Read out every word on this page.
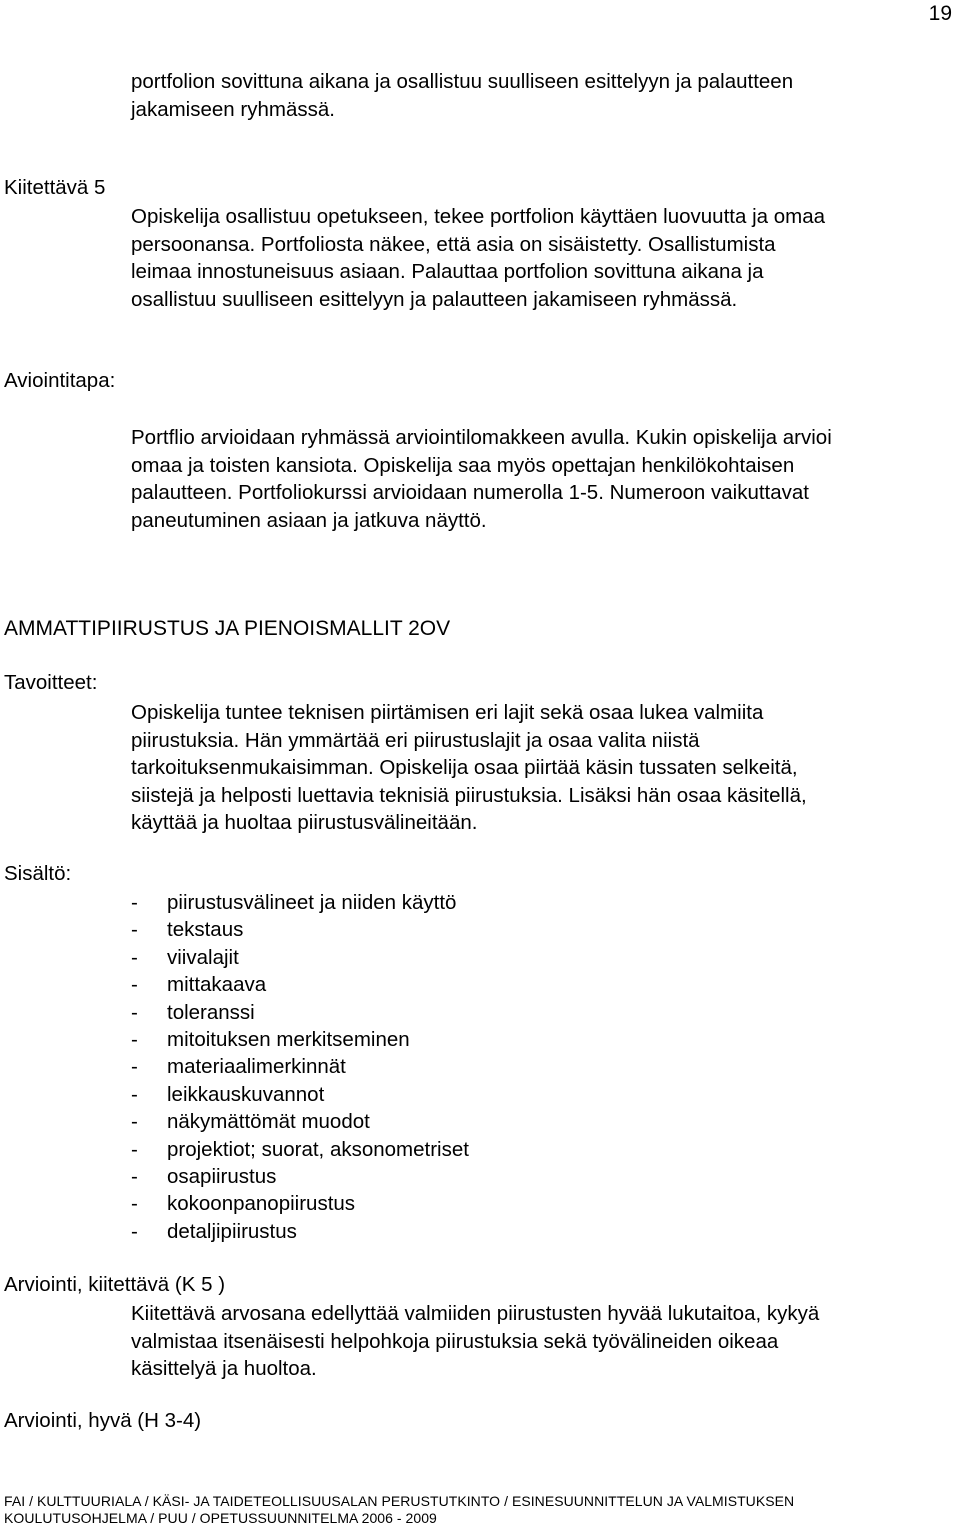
19
portfolion sovittuna aikana ja osallistuu suulliseen esittelyyn ja palautteen
jakamiseen ryhmässä.
Kiitettävä 5
Opiskelija osallistuu opetukseen, tekee portfolion käyttäen luovuutta ja omaa
persoonansa. Portfoliosta näkee, että asia on sisäistetty. Osallistumista
leimaa innostuneisuus asiaan. Palauttaa portfolion sovittuna aikana ja
osallistuu suulliseen esittelyyn ja palautteen jakamiseen ryhmässä.
Aviointitapa:
Portflio arvioidaan ryhmässä arviointilomakkeen avulla. Kukin opiskelija arvioi
omaa ja toisten kansiota. Opiskelija saa myös opettajan henkilökohtaisen
palautteen. Portfoliokurssi arvioidaan numerolla 1-5. Numeroon vaikuttavat
paneutuminen asiaan ja jatkuva näyttö.
AMMATTIPIIRUSTUS JA PIENOISMALLIT 2OV
Tavoitteet:
Opiskelija tuntee teknisen piirtämisen eri lajit sekä osaa lukea valmiita
piirustuksia. Hän ymmärtää eri piirustuslajit ja osaa valita niistä
tarkoituksenmukaisimman. Opiskelija osaa piirtää käsin tussaten selkeitä,
siistejä ja helposti luettavia teknisiä piirustuksia. Lisäksi hän osaa käsitellä,
käyttää ja huoltaa piirustusvälineitään.
Sisältö:
- piirustusvälineet ja niiden käyttö
- tekstaus
- viivalajit
- mittakaava
- toleranssi
- mitoituksen merkitseminen
- materiaalimerkinnät
- leikkauskuvannot
- näkymättömät muodot
- projektiot; suorat, aksonometriset
- osapiirustus
- kokoonpanopiirustus
- detaljipiirustus
Arviointi, kiitettävä (K 5 )
Kiitettävä arvosana edellyttää valmiiden piirustusten hyvää lukutaitoa, kykyä
valmistaa itsenäisesti helpohkoja piirustuksia sekä työvälineiden oikeaa
käsittelyä ja huoltoa.
Arviointi, hyvä (H 3-4)
FAI / KULTTUURIALA / KÄSI- JA TAIDETEOLLISUUSALAN PERUSTUTKINTO / ESINESUUNNITTELUN JA VALMISTUKSEN
KOULUTUSOHJELMA / PUU / OPETUSSUUNNITELMA 2006 - 2009
